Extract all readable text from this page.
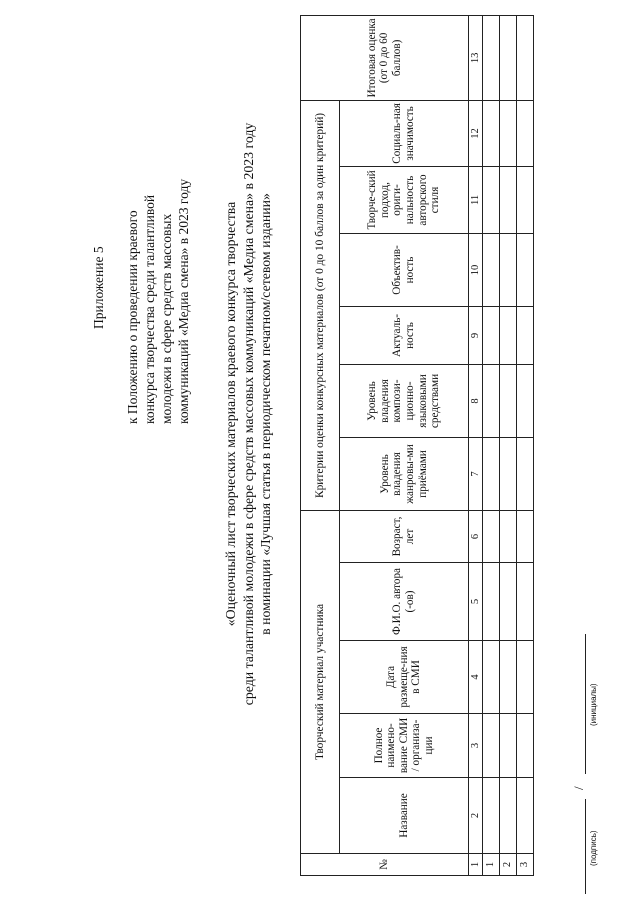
Приложение 5 к Положению о проведении краевого конкурса творчества среди талантливой молодежи в сфере средств массовых коммуникаций «Медиа смена» в 2023 году «Оценочный лист творческих материалов краевого конкурса творчества среди талантливой молодежи в сфере средств массовых коммуникаций «Медиа смена» в 2023 году в номинации «Лучшая статья в периодическом печатном/сетевом издании»
№	Творческий материал участника					Критерии оценки конкурсных материалов (от 0 до 10 баллов за один критерий)						Итоговая оценка (от 0 до 60 баллов)
	Название	Полное наимено-вание СМИ / организа-ции	Дата размеще-ния в СМИ	Ф.И.О. автора (-ов)	Возраст, лет	Уровень владения жанровы-ми приёмами	Уровень владения компози-ционно-языковыми средствами	Актуаль-ность	Объектив-ность	Творче-ский подход, ориги-нальность авторского стиля	Социаль-ная значимость	
1	2	3	4	5	6	7	8	9	10	11	12	13
1												
2												
3												
/
(подпись)
(инициалы)
